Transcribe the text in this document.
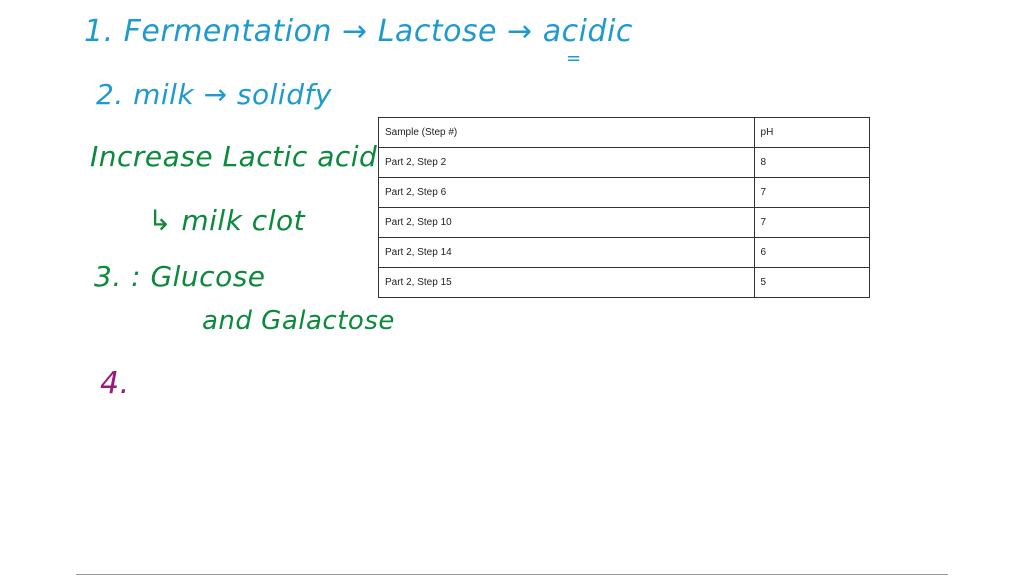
1. Fermentation → Lactose → acidic
=
2. milk → solidfy
Increase Lactic acid
↳ milk clot
3. : Glucose
and Galactose
4.
Sample (Step #)	pH
Part 2, Step 2	8
Part 2, Step 6	7
Part 2, Step 10	7
Part 2, Step 14	6
Part 2, Step 15	5
